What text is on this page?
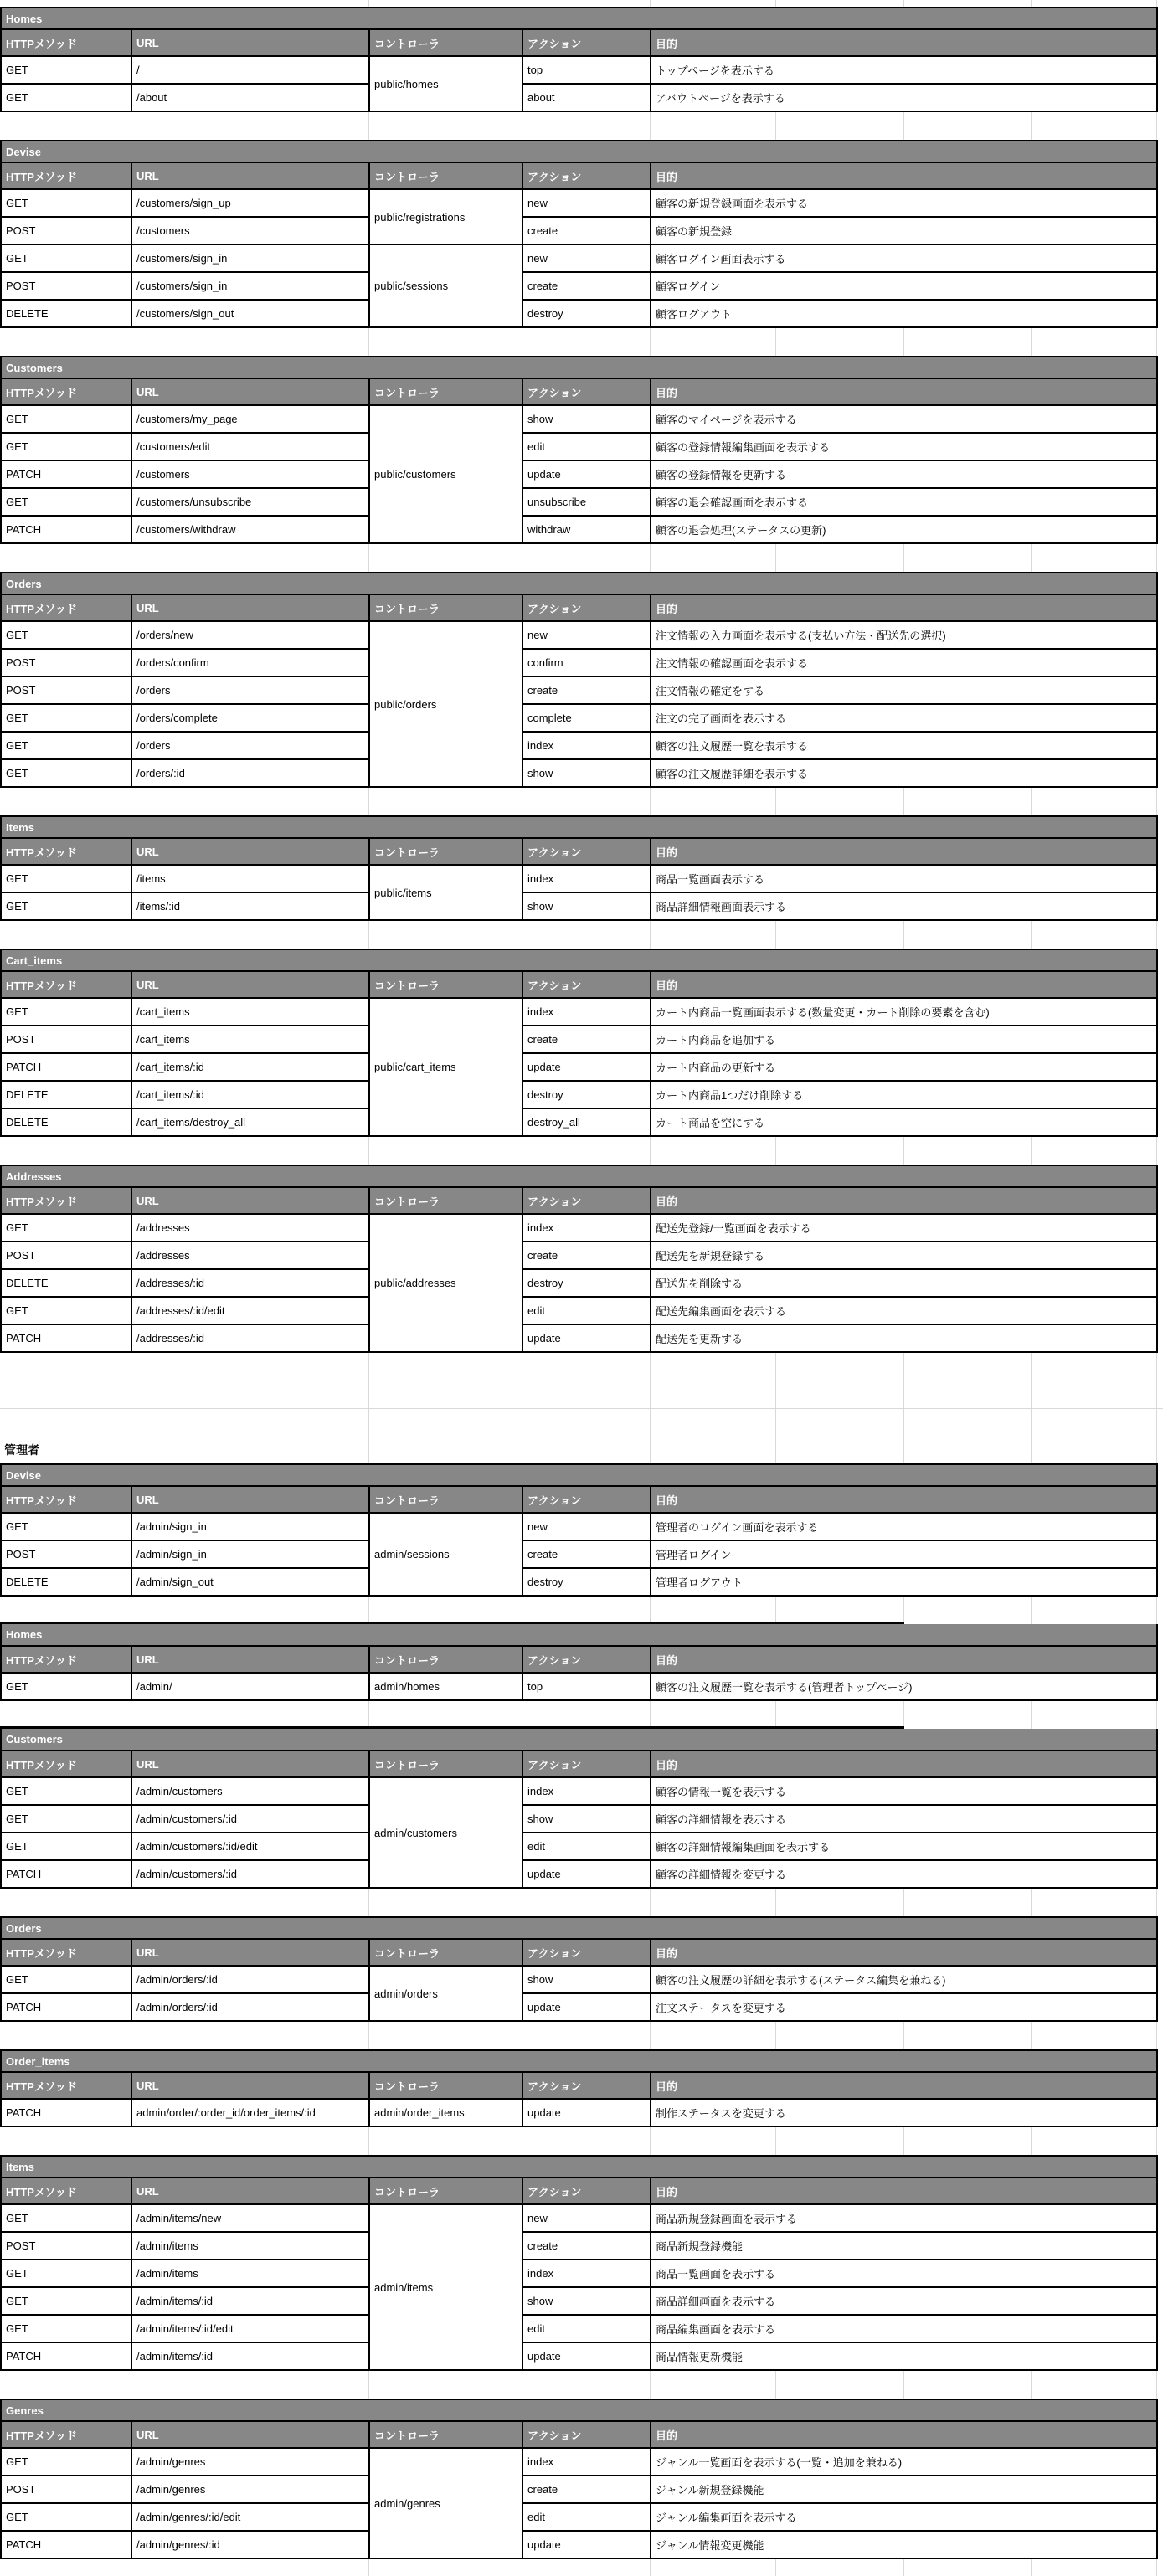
Homes				
HTTPメソッド	URL	コントローラ	アクション	目的
GET	/	public/homes	top	トップページを表示する
GET	/about		about	アバウトページを表示する
Devise				
HTTPメソッド	URL	コントローラ	アクション	目的
GET	/customers/sign_up	public/registrations	new	顧客の新規登録画面を表示する
POST	/customers		create	顧客の新規登録
GET	/customers/sign_in	public/sessions	new	顧客ログイン画面表示する
POST	/customers/sign_in		create	顧客ログイン
DELETE	/customers/sign_out		destroy	顧客ログアウト
Customers				
HTTPメソッド	URL	コントローラ	アクション	目的
GET	/customers/my_page	public/customers	show	顧客のマイページを表示する
GET	/customers/edit		edit	顧客の登録情報編集画面を表示する
PATCH	/customers		update	顧客の登録情報を更新する
GET	/customers/unsubscribe		unsubscribe	顧客の退会確認画面を表示する
PATCH	/customers/withdraw		withdraw	顧客の退会処理(ステータスの更新)
Orders				
HTTPメソッド	URL	コントローラ	アクション	目的
GET	/orders/new	public/orders	new	注文情報の入力画面を表示する(支払い方法・配送先の選択)
POST	/orders/confirm		confirm	注文情報の確認画面を表示する
POST	/orders		create	注文情報の確定をする
GET	/orders/complete		complete	注文の完了画面を表示する
GET	/orders		index	顧客の注文履歴一覧を表示する
GET	/orders/:id		show	顧客の注文履歴詳細を表示する
Items				
HTTPメソッド	URL	コントローラ	アクション	目的
GET	/items	public/items	index	商品一覧画面表示する
GET	/items/:id		show	商品詳細情報画面表示する
Cart_items				
HTTPメソッド	URL	コントローラ	アクション	目的
GET	/cart_items	public/cart_items	index	カート内商品一覧画面表示する(数量変更・カート削除の要素を含む)
POST	/cart_items		create	カート内商品を追加する
PATCH	/cart_items/:id		update	カート内商品の更新する
DELETE	/cart_items/:id		destroy	カート内商品1つだけ削除する
DELETE	/cart_items/destroy_all		destroy_all	カート商品を空にする
Addresses				
HTTPメソッド	URL	コントローラ	アクション	目的
GET	/addresses	public/addresses	index	配送先登録/一覧画面を表示する
POST	/addresses		create	配送先を新規登録する
DELETE	/addresses/:id		destroy	配送先を削除する
GET	/addresses/:id/edit		edit	配送先編集画面を表示する
PATCH	/addresses/:id		update	配送先を更新する
管理者
Devise				
HTTPメソッド	URL	コントローラ	アクション	目的
GET	/admin/sign_in	admin/sessions	new	管理者のログイン画面を表示する
POST	/admin/sign_in		create	管理者ログイン
DELETE	/admin/sign_out		destroy	管理者ログアウト
Homes				
HTTPメソッド	URL	コントローラ	アクション	目的
GET	/admin/	admin/homes	top	顧客の注文履歴一覧を表示する(管理者トップページ)
Customers				
HTTPメソッド	URL	コントローラ	アクション	目的
GET	/admin/customers	admin/customers	index	顧客の情報一覧を表示する
GET	/admin/customers/:id		show	顧客の詳細情報を表示する
GET	/admin/customers/:id/edit		edit	顧客の詳細情報編集画面を表示する
PATCH	/admin/customers/:id		update	顧客の詳細情報を変更する
Orders				
HTTPメソッド	URL	コントローラ	アクション	目的
GET	/admin/orders/:id	admin/orders	show	顧客の注文履歴の詳細を表示する(ステータス編集を兼ねる)
PATCH	/admin/orders/:id		update	注文ステータスを変更する
Order_items				
HTTPメソッド	URL	コントローラ	アクション	目的
PATCH	admin/order/:order_id/order_items/:id	admin/order_items	update	制作ステータスを変更する
Items				
HTTPメソッド	URL	コントローラ	アクション	目的
GET	/admin/items/new	admin/items	new	商品新規登録画面を表示する
POST	/admin/items		create	商品新規登録機能
GET	/admin/items		index	商品一覧画面を表示する
GET	/admin/items/:id		show	商品詳細画面を表示する
GET	/admin/items/:id/edit		edit	商品編集画面を表示する
PATCH	/admin/items/:id		update	商品情報更新機能
Genres				
HTTPメソッド	URL	コントローラ	アクション	目的
GET	/admin/genres	admin/genres	index	ジャンル一覧画面を表示する(一覧・追加を兼ねる)
POST	/admin/genres		create	ジャンル新規登録機能
GET	/admin/genres/:id/edit		edit	ジャンル編集画面を表示する
PATCH	/admin/genres/:id		update	ジャンル情報変更機能
